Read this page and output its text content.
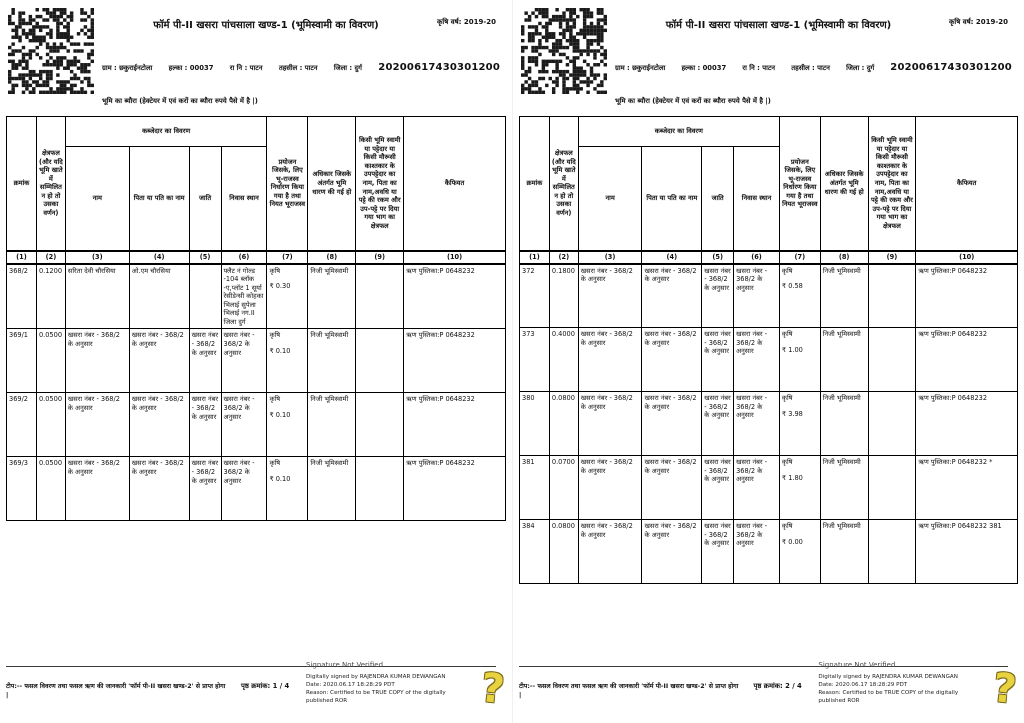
फॉर्म पी-II खसरा पांचसाला खण्ड-1 (भूमिस्वामी का विवरण)	कृषि वर्ष: 2019-20
ग्राम : छकुराईनटोला हल्का : 00037 रा नि : पाटन तहसील : पाटन जिला : दुर्ग 20200617430301200
भूमि का ब्यौरा (हेक्टेयर में एवं करों का ब्यौरा रुपये पैसे में है |)
क्रमांक	क्षेत्रफल (और यदि भूमि खाते में सम्मिलित न हो तो उसका वर्णन)	कब्जेदार का विवरण				प्रयोजन जिसके, लिए भू-राजस्व निर्धारण किया गया है तथा नियत भूराजस्व	अधिकार जिसके अंतर्गत भूमि धारण की गई हो	किसी भूमि स्वामी या पट्टेदार या किसी मौरूसी काश्तकार के उपपट्टेदार का नाम, पिता का नाम,अवधि या पट्टे की रकम और उप-पट्टे पर दिया गया भाग का क्षेत्रफल	कैफियत
		नाम	पिता या पति का नाम	जाति	निवास स्थान				
(1)	(2)	(3)	(4)	(5)	(6)	(7)	(8)	(9)	(10)
368/2	0.1200	सरिता देवी चौरसिया	ओ.एम चौरसिया		फ्लैट नं गोल्ड -104 ब्लॉक -ए,प्लॉट 1 सूर्या रेसीडेन्सी कोहका भिलाई सुपेला भिलाई नग.II जिला दुर्ग	कृषि
₹ 0.30	निजी भूमिस्वामी		ऋण पुस्तिका:P 0648232
369/1	0.0500	खसरा नंबर - 368/2 के अनुसार	खसरा नंबर - 368/2 के अनुसार	खसरा नंबर - 368/2 के अनुसार	खसरा नंबर - 368/2 के अनुसार	कृषि
₹ 0.10	निजी भूमिस्वामी		ऋण पुस्तिका:P 0648232
369/2	0.0500	खसरा नंबर - 368/2 के अनुसार	खसरा नंबर - 368/2 के अनुसार	खसरा नंबर - 368/2 के अनुसार	खसरा नंबर - 368/2 के अनुसार	कृषि
₹ 0.10	निजी भूमिस्वामी		ऋण पुस्तिका:P 0648232
369/3	0.0500	खसरा नंबर - 368/2 के अनुसार	खसरा नंबर - 368/2 के अनुसार	खसरा नंबर - 368/2 के अनुसार	खसरा नंबर - 368/2 के अनुसार	कृषि
₹ 0.10	निजी भूमिस्वामी		ऋण पुस्तिका:P 0648232
Signature Not Verified
टीप:-- फसल विवरण तथा फसल ऋण की जानकारी 'फॉर्म पी-II खसरा खण्ड-2' से प्राप्त होगा |
पृष्ठ क्रमांक: 1 / 4
Digitally signed by RAJENDRA KUMAR DEWANGAN
Date: 2020.06.17 18:28:29 PDT
Reason: Certified to be TRUE COPY of the digitally published ROR	?
फॉर्म पी-II खसरा पांचसाला खण्ड-1 (भूमिस्वामी का विवरण)	कृषि वर्ष: 2019-20
ग्राम : छकुराईनटोला हल्का : 00037 रा नि : पाटन तहसील : पाटन जिला : दुर्ग 20200617430301200
भूमि का ब्यौरा (हेक्टेयर में एवं करों का ब्यौरा रुपये पैसे में है |)
क्रमांक	क्षेत्रफल (और यदि भूमि खाते में सम्मिलित न हो तो उसका वर्णन)	कब्जेदार का विवरण				प्रयोजन जिसके, लिए भू-राजस्व निर्धारण किया गया है तथा नियत भूराजस्व	अधिकार जिसके अंतर्गत भूमि धारण की गई हो	किसी भूमि स्वामी या पट्टेदार या किसी मौरूसी काश्तकार के उपपट्टेदार का नाम, पिता का नाम,अवधि या पट्टे की रकम और उप-पट्टे पर दिया गया भाग का क्षेत्रफल	कैफियत
		नाम	पिता या पति का नाम	जाति	निवास स्थान				
(1)	(2)	(3)	(4)	(5)	(6)	(7)	(8)	(9)	(10)
372	0.1800	खसरा नंबर - 368/2 के अनुसार	खसरा नंबर - 368/2 के अनुसार	खसरा नंबर - 368/2 के अनुसार	खसरा नंबर - 368/2 के अनुसार	कृषि
₹ 0.58	निजी भूमिस्वामी		ऋण पुस्तिका:P 0648232
373	0.4000	खसरा नंबर - 368/2 के अनुसार	खसरा नंबर - 368/2 के अनुसार	खसरा नंबर - 368/2 के अनुसार	खसरा नंबर - 368/2 के अनुसार	कृषि
₹ 1.00	निजी भूमिस्वामी		ऋण पुस्तिका:P 0648232
380	0.0800	खसरा नंबर - 368/2 के अनुसार	खसरा नंबर - 368/2 के अनुसार	खसरा नंबर - 368/2 के अनुसार	खसरा नंबर - 368/2 के अनुसार	कृषि
₹ 3.98	निजी भूमिस्वामी		ऋण पुस्तिका:P 0648232
381	0.0700	खसरा नंबर - 368/2 के अनुसार	खसरा नंबर - 368/2 के अनुसार	खसरा नंबर - 368/2 के अनुसार	खसरा नंबर - 368/2 के अनुसार	कृषि
₹ 1.80	निजी भूमिस्वामी		ऋण पुस्तिका:P 0648232 *
384	0.0800	खसरा नंबर - 368/2 के अनुसार	खसरा नंबर - 368/2 के अनुसार	खसरा नंबर - 368/2 के अनुसार	खसरा नंबर - 368/2 के अनुसार	कृषि
₹ 0.00	निजी भूमिस्वामी		ऋण पुस्तिका:P 0648232 381
Signature Not Verified
टीप:-- फसल विवरण तथा फसल ऋण की जानकारी 'फॉर्म पी-II खसरा खण्ड-2' से प्राप्त होगा |
पृष्ठ क्रमांक: 2 / 4
Digitally signed by RAJENDRA KUMAR DEWANGAN
Date: 2020.06.17 18:28:29 PDT
Reason: Certified to be TRUE COPY of the digitally published ROR	?
